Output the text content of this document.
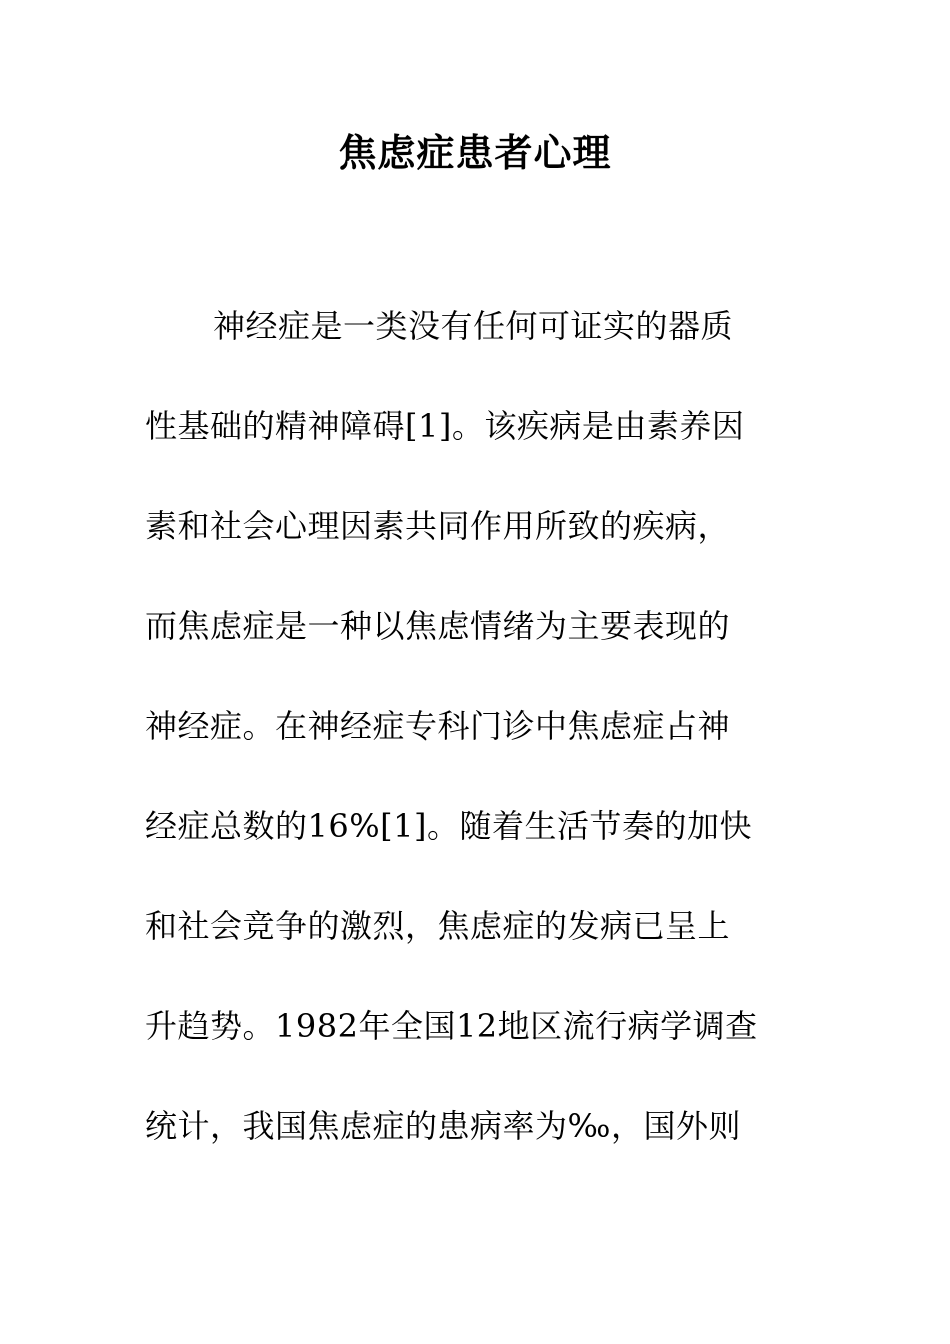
焦虑症患者心理
神经症是一类没有任何可证实的器质
性基础的精神障碍[1]。该疾病是由素养因
素和社会心理因素共同作用所致的疾病，
而焦虑症是一种以焦虑情绪为主要表现的
神经症。在神经症专科门诊中焦虑症占神
经症总数的16%[1]。随着生活节奏的加快
和社会竞争的激烈，焦虑症的发病已呈上
升趋势。1982年全国12地区流行病学调查
统计，我国焦虑症的患病率为‰，国外则
